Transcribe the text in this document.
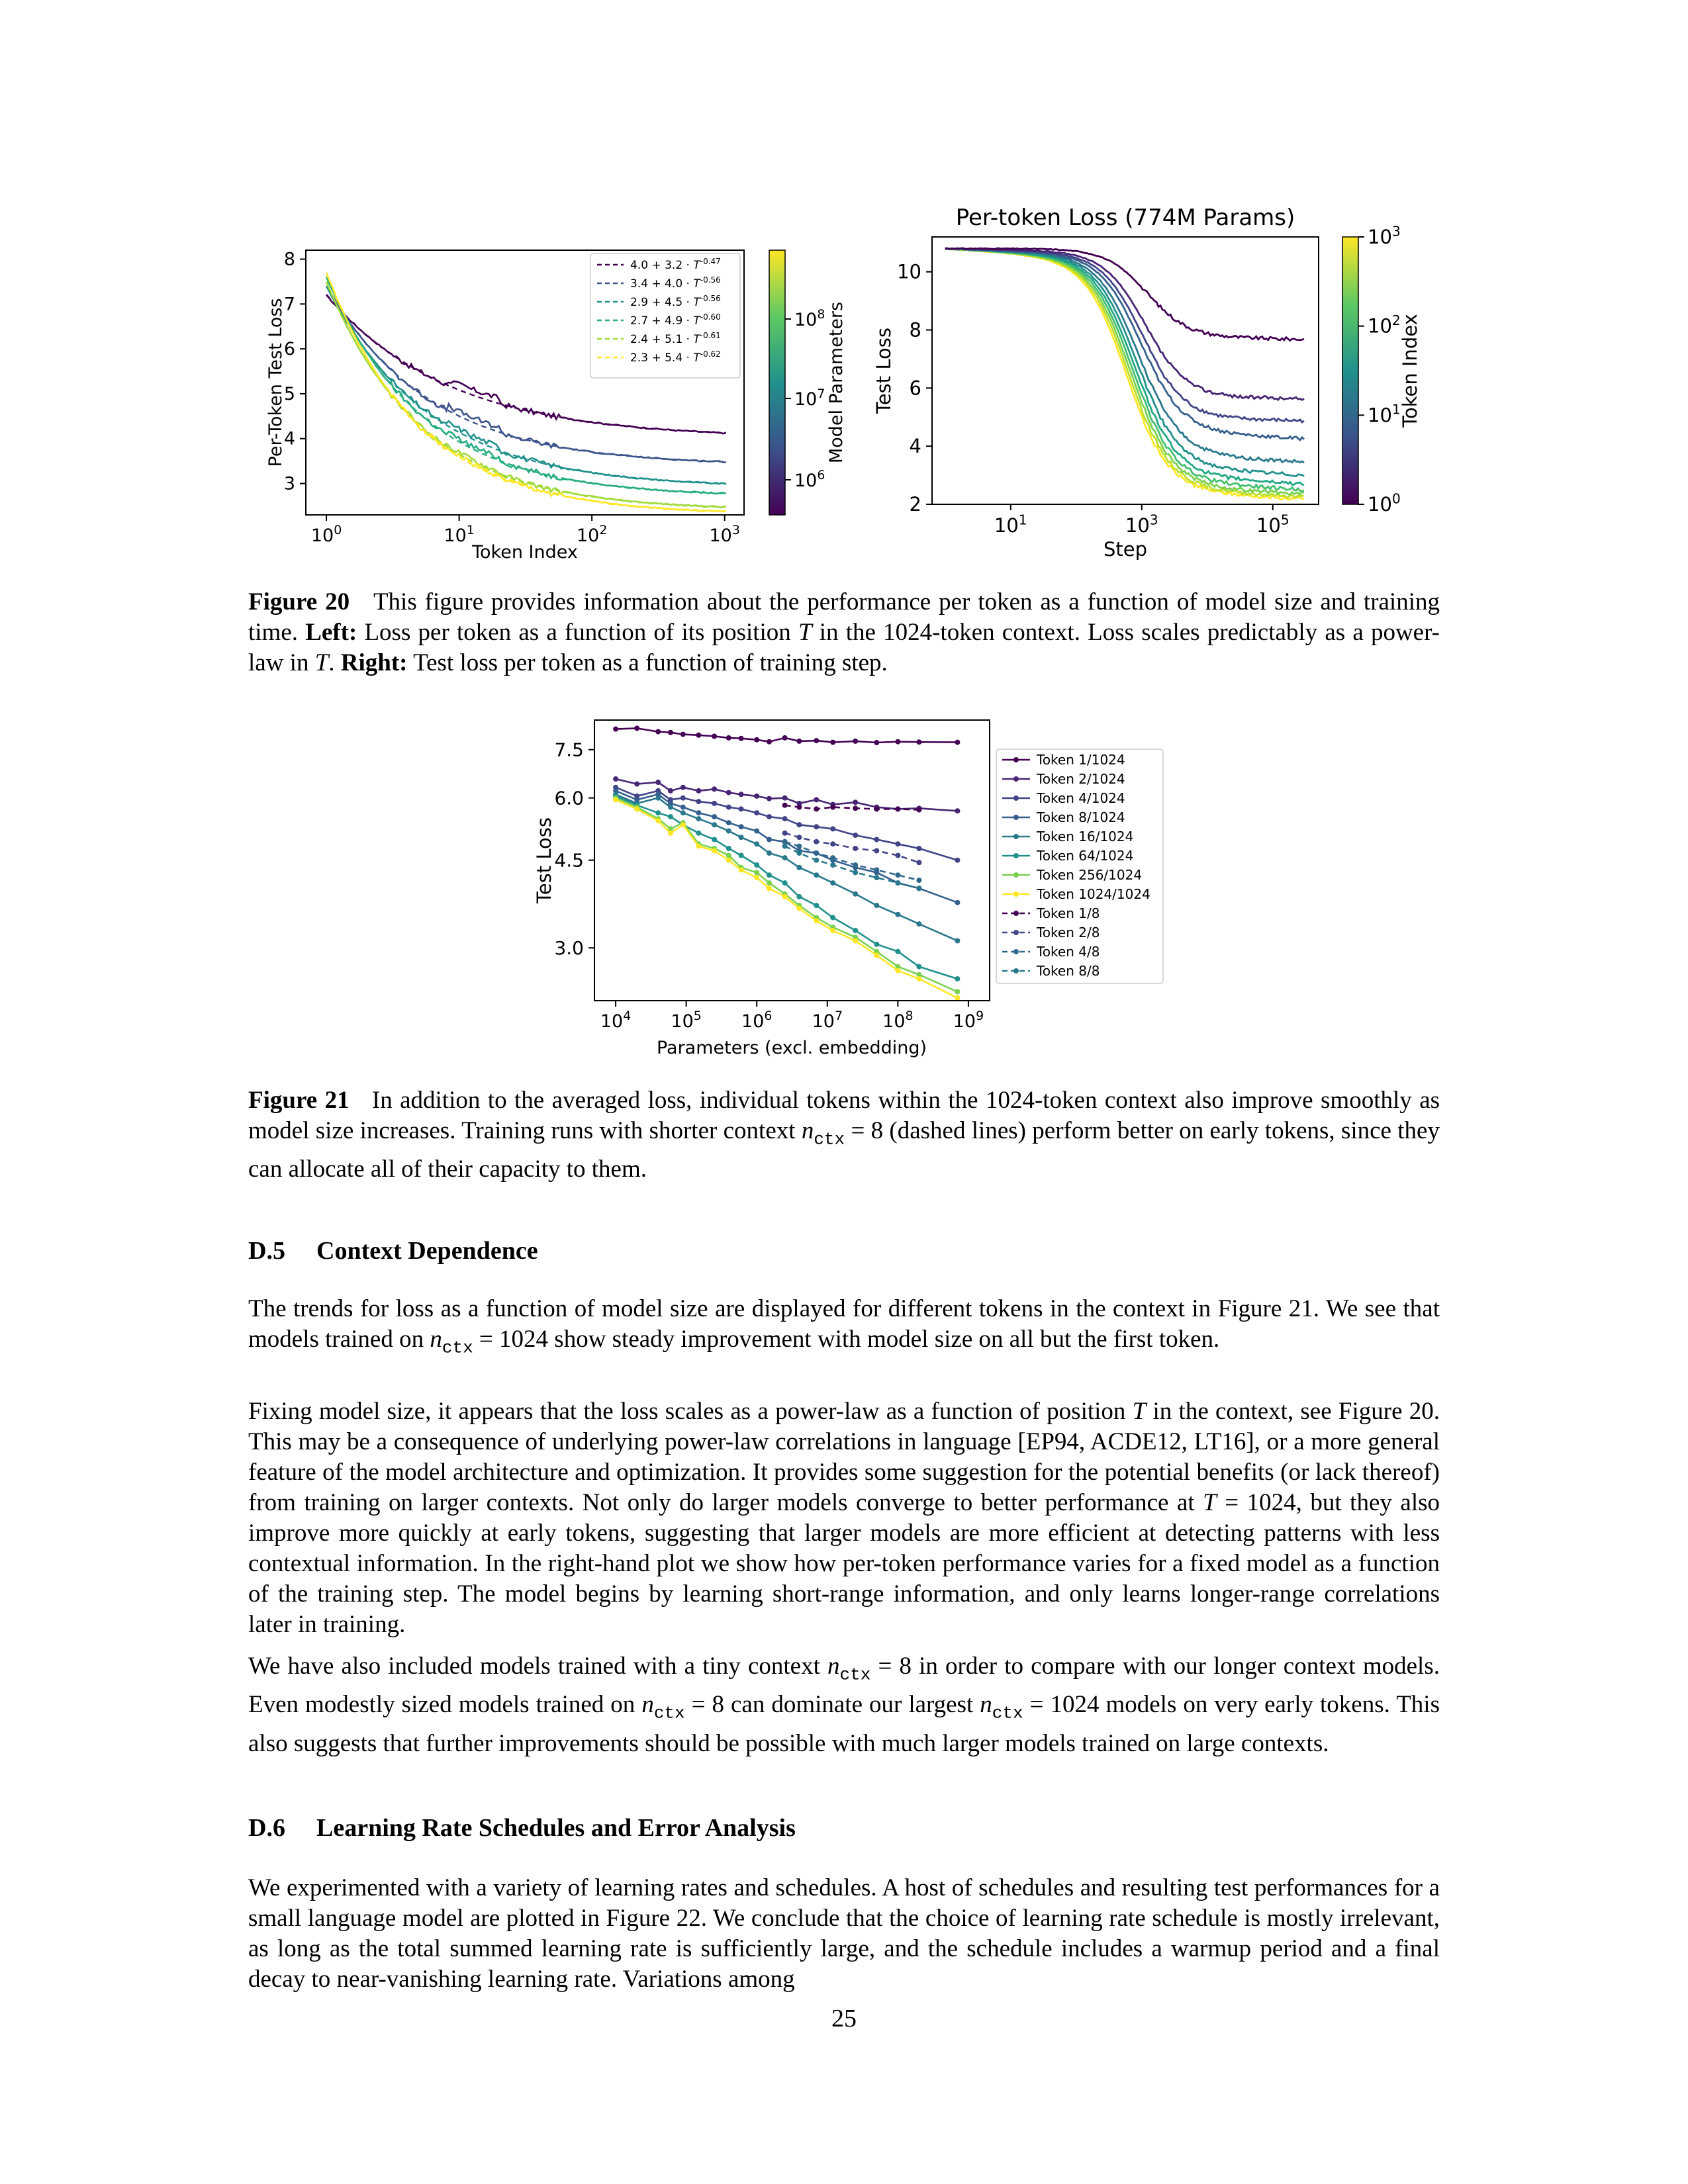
$10^0$	$10^1$	$10^2$	$10^3$
3
4
5
6
7
8
Token Index
Per-Token Test Loss
$4.0 + 3.2 \cdot T^{-0.47}$
$3.4 + 4.0 \cdot T^{-0.56}$
$2.9 + 4.5 \cdot T^{-0.56}$
$2.7 + 4.9 \cdot T^{-0.60}$
$2.4 + 5.1 \cdot T^{-0.61}$
$2.3 + 5.4 \cdot T^{-0.62}$
$10^6$
$10^7$
$10^8$ Model Parameters
Per-token Loss (774M Params)
$10^1$	$10^3$	$10^5$
2
4
6
8
10
Step
Test Loss
$10^0$
$10^1$
$10^2$
$10^3$
Token Index

Figure 20 This figure provides information about the performance per token as a function of model size and training time. Left: Loss per token as a function of its position T in the 1024-token context. Loss scales predictably as a power-law in T. Right: Test loss per token as a function of training step.

$10^4$ $10^5$ $10^6$ $10^7$ $10^8$ $10^9$
3.0
4.5
6.0
7.5
Parameters (excl. embedding)
Test Loss
Token 1/1024
Token 2/1024
Token 4/1024
Token 8/1024
Token 16/1024
Token 64/1024
Token 256/1024
Token 1024/1024
Token 1/8
Token 2/8
Token 4/8
Token 8/8

Figure 21 In addition to the averaged loss, individual tokens within the 1024-token context also improve smoothly as model size increases. Training runs with shorter context $n_{ctx} = 8$ (dashed lines) perform better on early tokens, since they can allocate all of their capacity to them.

D.5 Context Dependence

The trends for loss as a function of model size are displayed for different tokens in the context in Figure 21. We see that models trained on $n_{ctx} = 1024$ show steady improvement with model size on all but the first token.

Fixing model size, it appears that the loss scales as a power-law as a function of position T in the context, see Figure 20. This may be a consequence of underlying power-law correlations in language [EP94, ACDE12, LT16], or a more general feature of the model architecture and optimization. It provides some suggestion for the potential benefits (or lack thereof) from training on larger contexts. Not only do larger models converge to better performance at T = 1024, but they also improve more quickly at early tokens, suggesting that larger models are more efficient at detecting patterns with less contextual information. In the right-hand plot we show how per-token performance varies for a fixed model as a function of the training step. The model begins by learning short-range information, and only learns longer-range correlations later in training.

We have also included models trained with a tiny context $n_{ctx} = 8$ in order to compare with our longer context models. Even modestly sized models trained on $n_{ctx} = 8$ can dominate our largest $n_{ctx} = 1024$ models on very early tokens. This also suggests that further improvements should be possible with much larger models trained on large contexts.

D.6 Learning Rate Schedules and Error Analysis

We experimented with a variety of learning rates and schedules. A host of schedules and resulting test performances for a small language model are plotted in Figure 22. We conclude that the choice of learning rate schedule is mostly irrelevant, as long as the total summed learning rate is sufficiently large, and the schedule includes a warmup period and a final decay to near-vanishing learning rate. Variations among

25
